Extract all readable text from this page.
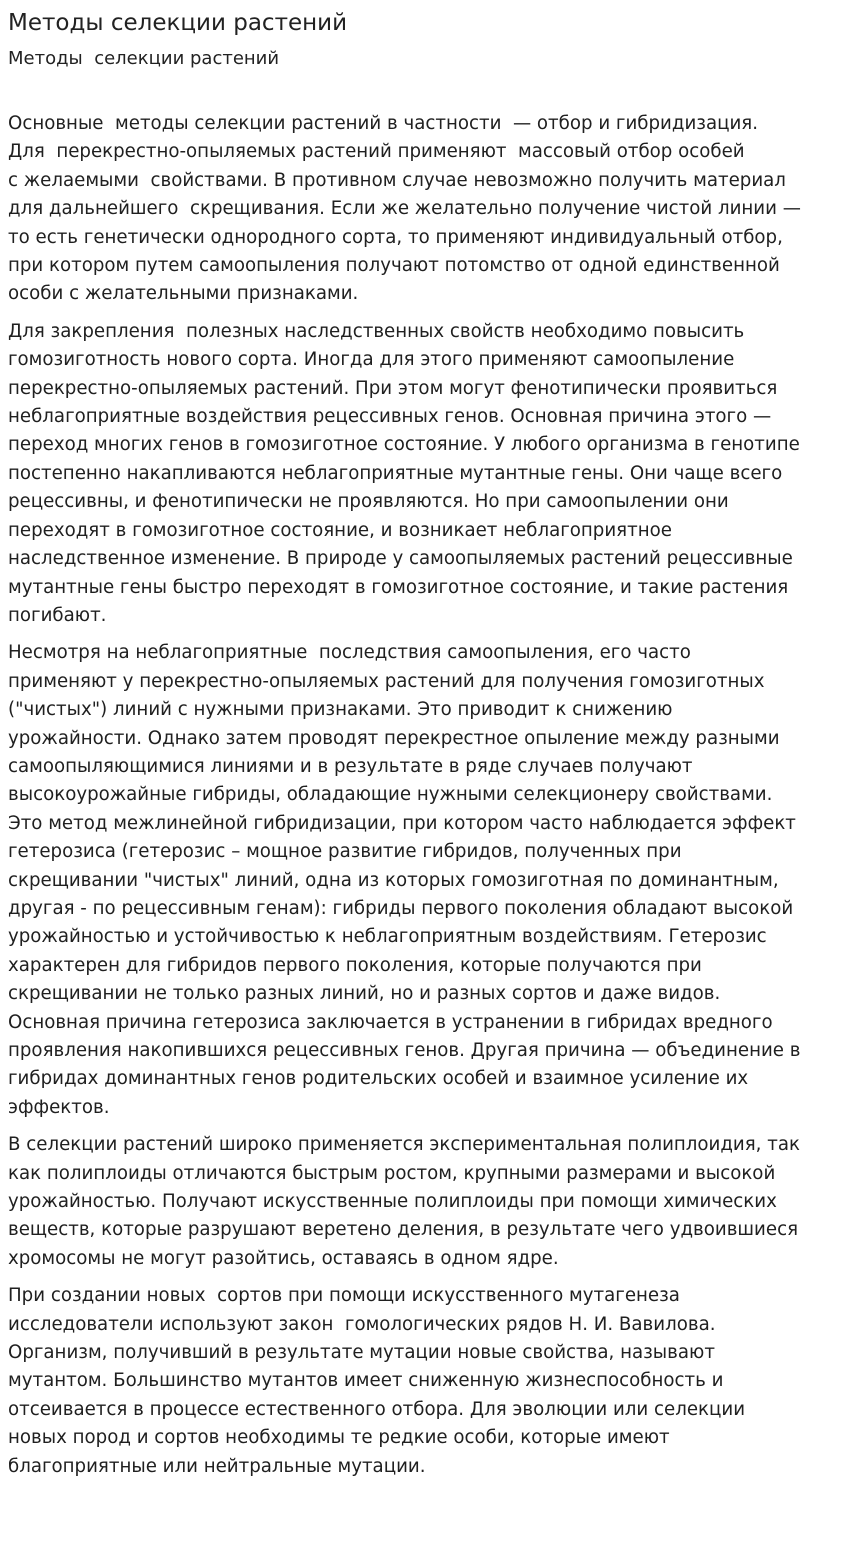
Методы селекции растений
Методы  селекции растений

Основные  методы селекции растений в частности  — отбор и гибридизация.
Для  перекрестно-опыляемых растений применяют  массовый отбор особей
с желаемыми  свойствами. В противном случае невозможно получить материал
для дальнейшего  скрещивания. Если же желательно получение чистой линии —
то есть генетически однородного сорта, то применяют индивидуальный отбор,
при котором путем самоопыления получают потомство от одной единственной
особи с желательными признаками.

Для закрепления  полезных наследственных свойств необходимо повысить
гомозиготность нового сорта. Иногда для этого применяют самоопыление
перекрестно-опыляемых растений. При этом могут фенотипически проявиться
неблагоприятные воздействия рецессивных генов. Основная причина этого —
переход многих генов в гомозиготное состояние. У любого организма в генотипе
постепенно накапливаются неблагоприятные мутантные гены. Они чаще всего
рецессивны, и фенотипически не проявляются. Но при самоопылении они
переходят в гомозиготное состояние, и возникает неблагоприятное
наследственное изменение. В природе у самоопыляемых растений рецессивные
мутантные гены быстро переходят в гомозиготное состояние, и такие растения
погибают.

Несмотря на неблагоприятные  последствия самоопыления, его часто
применяют у перекрестно-опыляемых растений для получения гомозиготных
("чистых") линий с нужными признаками. Это приводит к снижению
урожайности. Однако затем проводят перекрестное опыление между разными
самоопыляющимися линиями и в результате в ряде случаев получают
высокоурожайные гибриды, обладающие нужными селекционеру свойствами.
Это метод межлинейной гибридизации, при котором часто наблюдается эффект
гетерозиса (гетерозис – мощное развитие гибридов, полученных при
скрещивании "чистых" линий, одна из которых гомозиготная по доминантным,
другая - по рецессивным генам): гибриды первого поколения обладают высокой
урожайностью и устойчивостью к неблагоприятным воздействиям. Гетерозис
характерен для гибридов первого поколения, которые получаются при
скрещивании не только разных линий, но и разных сортов и даже видов.
Основная причина гетерозиса заключается в устранении в гибридах вредного
проявления накопившихся рецессивных генов. Другая причина — объединение в
гибридах доминантных генов родительских особей и взаимное усиление их
эффектов.

В селекции растений широко применяется экспериментальная полиплоидия, так
как полиплоиды отличаются быстрым ростом, крупными размерами и высокой
урожайностью. Получают искусственные полиплоиды при помощи химических
веществ, которые разрушают веретено деления, в результате чего удвоившиеся
хромосомы не могут разойтись, оставаясь в одном ядре.

При создании новых  сортов при помощи искусственного мутагенеза
исследователи используют закон  гомологических рядов Н. И. Вавилова.
Организм, получивший в результате мутации новые свойства, называют
мутантом. Большинство мутантов имеет сниженную жизнеспособность и
отсеивается в процессе естественного отбора. Для эволюции или селекции
новых пород и сортов необходимы те редкие особи, которые имеют
благоприятные или нейтральные мутации.
